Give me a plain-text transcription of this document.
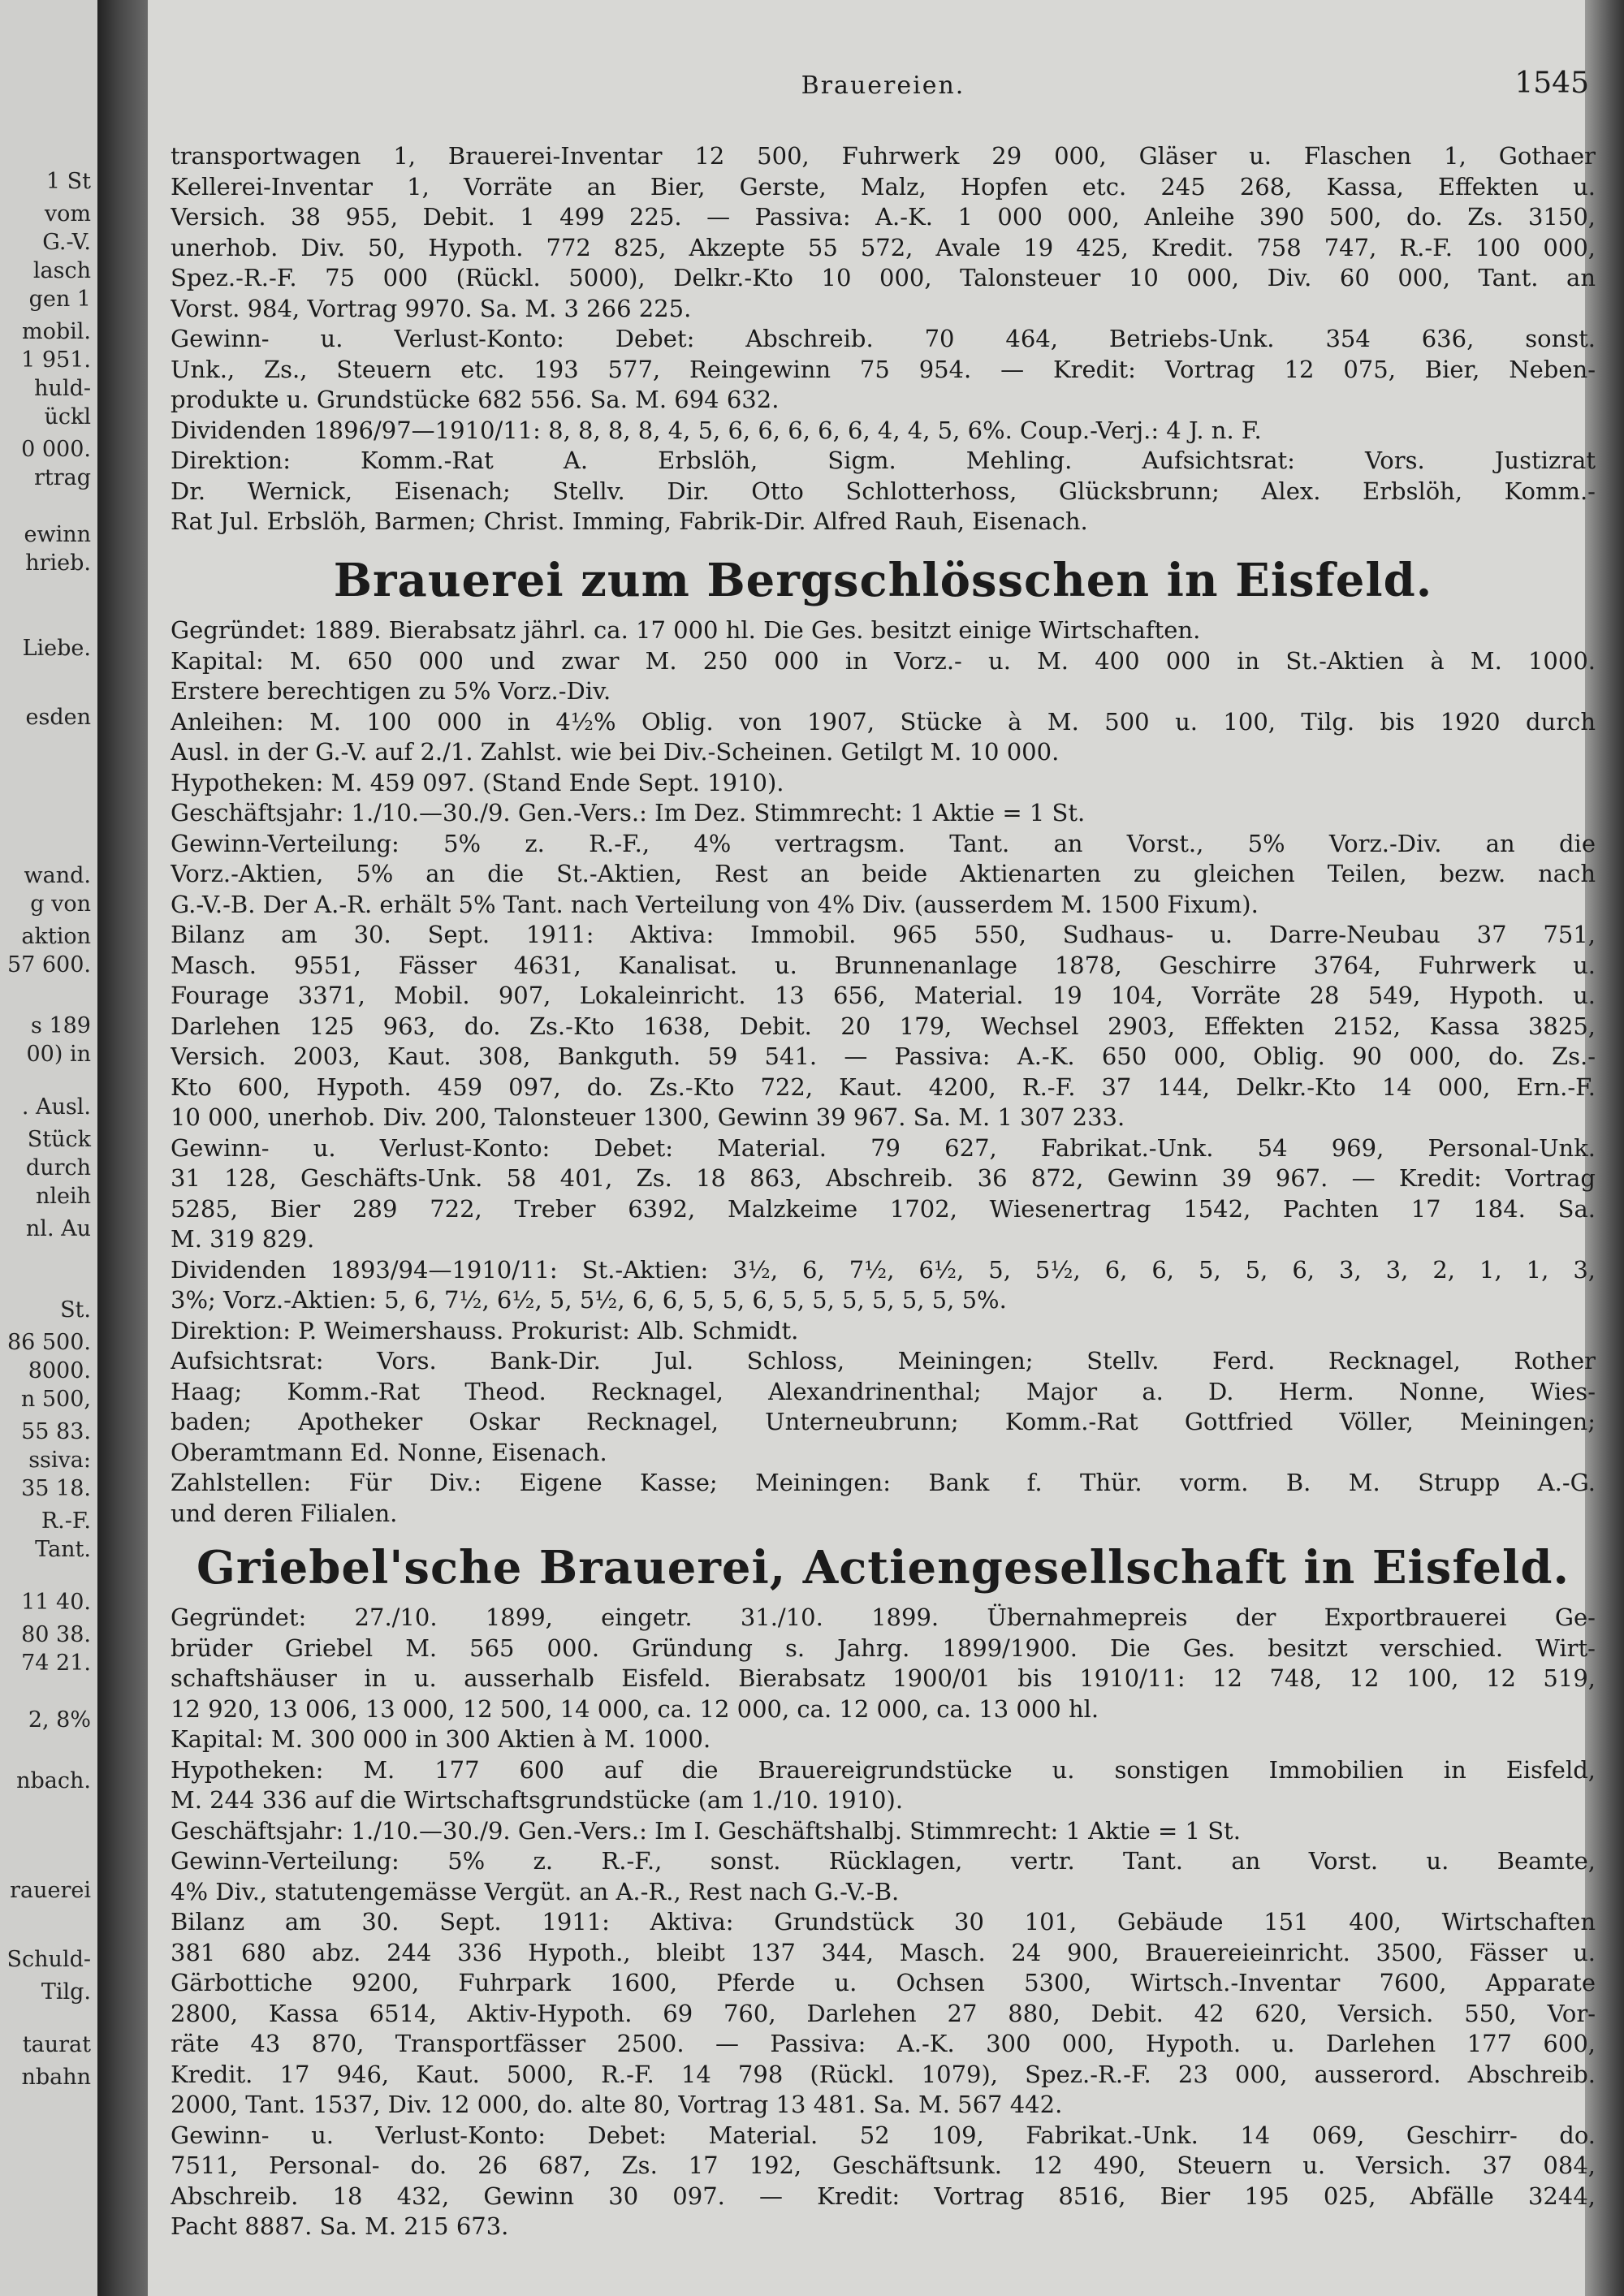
1 St
vom
G.-V.
lasch
gen 1
mobil.
1 951.
huld-
ückl
0 000.
rtrag
ewinn
hrieb.
Liebe.
esden
wand.
g von
aktion
57 600.
s 189
00) in
. Ausl.
Stück
durch
nleih
nl. Au
St.
86 500.
8000.
n 500,
55 83.
ssiva:
35 18.
R.-F.
Tant.
11 40.
80 38.
74 21.
2, 8%
nbach.
rauerei
Schuld-
Tilg.
taurat
nbahn
Brauereien.	1545
transportwagen 1, Brauerei-Inventar 12 500, Fuhrwerk 29 000, Gläser u. Flaschen 1, Gothaer
Kellerei-Inventar 1, Vorräte an Bier, Gerste, Malz, Hopfen etc. 245 268, Kassa, Effekten u.
Versich. 38 955, Debit. 1 499 225. — Passiva: A.-K. 1 000 000, Anleihe 390 500, do. Zs. 3150,
unerhob. Div. 50, Hypoth. 772 825, Akzepte 55 572, Avale 19 425, Kredit. 758 747, R.-F. 100 000,
Spez.-R.-F. 75 000 (Rückl. 5000), Delkr.-Kto 10 000, Talonsteuer 10 000, Div. 60 000, Tant. an
Vorst. 984, Vortrag 9970. Sa. M. 3 266 225.
Gewinn- u. Verlust-Konto: Debet: Abschreib. 70 464, Betriebs-Unk. 354 636, sonst.
Unk., Zs., Steuern etc. 193 577, Reingewinn 75 954. — Kredit: Vortrag 12 075, Bier, Neben-
produkte u. Grundstücke 682 556. Sa. M. 694 632.
Dividenden 1896/97—1910/11: 8, 8, 8, 8, 4, 5, 6, 6, 6, 6, 6, 4, 4, 5, 6%. Coup.-Verj.: 4 J. n. F.
Direktion: Komm.-Rat A. Erbslöh, Sigm. Mehling. Aufsichtsrat: Vors. Justizrat
Dr. Wernick, Eisenach; Stellv. Dir. Otto Schlotterhoss, Glücksbrunn; Alex. Erbslöh, Komm.-
Rat Jul. Erbslöh, Barmen; Christ. Imming, Fabrik-Dir. Alfred Rauh, Eisenach.
Brauerei zum Bergschlösschen in Eisfeld.
Gegründet: 1889. Bierabsatz jährl. ca. 17 000 hl. Die Ges. besitzt einige Wirtschaften.
Kapital: M. 650 000 und zwar M. 250 000 in Vorz.- u. M. 400 000 in St.-Aktien à M. 1000.
Erstere berechtigen zu 5% Vorz.-Div.
Anleihen: M. 100 000 in 4½% Oblig. von 1907, Stücke à M. 500 u. 100, Tilg. bis 1920 durch
Ausl. in der G.-V. auf 2./1. Zahlst. wie bei Div.-Scheinen. Getilgt M. 10 000.
Hypotheken: M. 459 097. (Stand Ende Sept. 1910).
Geschäftsjahr: 1./10.—30./9. Gen.-Vers.: Im Dez. Stimmrecht: 1 Aktie = 1 St.
Gewinn-Verteilung: 5% z. R.-F., 4% vertragsm. Tant. an Vorst., 5% Vorz.-Div. an die
Vorz.-Aktien, 5% an die St.-Aktien, Rest an beide Aktienarten zu gleichen Teilen, bezw. nach
G.-V.-B. Der A.-R. erhält 5% Tant. nach Verteilung von 4% Div. (ausserdem M. 1500 Fixum).
Bilanz am 30. Sept. 1911: Aktiva: Immobil. 965 550, Sudhaus- u. Darre-Neubau 37 751,
Masch. 9551, Fässer 4631, Kanalisat. u. Brunnenanlage 1878, Geschirre 3764, Fuhrwerk u.
Fourage 3371, Mobil. 907, Lokaleinricht. 13 656, Material. 19 104, Vorräte 28 549, Hypoth. u.
Darlehen 125 963, do. Zs.-Kto 1638, Debit. 20 179, Wechsel 2903, Effekten 2152, Kassa 3825,
Versich. 2003, Kaut. 308, Bankguth. 59 541. — Passiva: A.-K. 650 000, Oblig. 90 000, do. Zs.-
Kto 600, Hypoth. 459 097, do. Zs.-Kto 722, Kaut. 4200, R.-F. 37 144, Delkr.-Kto 14 000, Ern.-F.
10 000, unerhob. Div. 200, Talonsteuer 1300, Gewinn 39 967. Sa. M. 1 307 233.
Gewinn- u. Verlust-Konto: Debet: Material. 79 627, Fabrikat.-Unk. 54 969, Personal-Unk.
31 128, Geschäfts-Unk. 58 401, Zs. 18 863, Abschreib. 36 872, Gewinn 39 967. — Kredit: Vortrag
5285, Bier 289 722, Treber 6392, Malzkeime 1702, Wiesenertrag 1542, Pachten 17 184. Sa.
M. 319 829.
Dividenden 1893/94—1910/11: St.-Aktien: 3½, 6, 7½, 6½, 5, 5½, 6, 6, 5, 5, 6, 3, 3, 2, 1, 1, 3,
3%; Vorz.-Aktien: 5, 6, 7½, 6½, 5, 5½, 6, 6, 5, 5, 6, 5, 5, 5, 5, 5, 5, 5%.
Direktion: P. Weimershauss. Prokurist: Alb. Schmidt.
Aufsichtsrat: Vors. Bank-Dir. Jul. Schloss, Meiningen; Stellv. Ferd. Recknagel, Rother
Haag; Komm.-Rat Theod. Recknagel, Alexandrinenthal; Major a. D. Herm. Nonne, Wies-
baden; Apotheker Oskar Recknagel, Unterneubrunn; Komm.-Rat Gottfried Völler, Meiningen;
Oberamtmann Ed. Nonne, Eisenach.
Zahlstellen: Für Div.: Eigene Kasse; Meiningen: Bank f. Thür. vorm. B. M. Strupp A.-G.
und deren Filialen.
Griebel'sche Brauerei, Actiengesellschaft in Eisfeld.
Gegründet: 27./10. 1899, eingetr. 31./10. 1899. Übernahmepreis der Exportbrauerei Ge-
brüder Griebel M. 565 000. Gründung s. Jahrg. 1899/1900. Die Ges. besitzt verschied. Wirt-
schaftshäuser in u. ausserhalb Eisfeld. Bierabsatz 1900/01 bis 1910/11: 12 748, 12 100, 12 519,
12 920, 13 006, 13 000, 12 500, 14 000, ca. 12 000, ca. 12 000, ca. 13 000 hl.
Kapital: M. 300 000 in 300 Aktien à M. 1000.
Hypotheken: M. 177 600 auf die Brauereigrundstücke u. sonstigen Immobilien in Eisfeld,
M. 244 336 auf die Wirtschaftsgrundstücke (am 1./10. 1910).
Geschäftsjahr: 1./10.—30./9. Gen.-Vers.: Im I. Geschäftshalbj. Stimmrecht: 1 Aktie = 1 St.
Gewinn-Verteilung: 5% z. R.-F., sonst. Rücklagen, vertr. Tant. an Vorst. u. Beamte,
4% Div., statutengemässe Vergüt. an A.-R., Rest nach G.-V.-B.
Bilanz am 30. Sept. 1911: Aktiva: Grundstück 30 101, Gebäude 151 400, Wirtschaften
381 680 abz. 244 336 Hypoth., bleibt 137 344, Masch. 24 900, Brauereieinricht. 3500, Fässer u.
Gärbottiche 9200, Fuhrpark 1600, Pferde u. Ochsen 5300, Wirtsch.-Inventar 7600, Apparate
2800, Kassa 6514, Aktiv-Hypoth. 69 760, Darlehen 27 880, Debit. 42 620, Versich. 550, Vor-
räte 43 870, Transportfässer 2500. — Passiva: A.-K. 300 000, Hypoth. u. Darlehen 177 600,
Kredit. 17 946, Kaut. 5000, R.-F. 14 798 (Rückl. 1079), Spez.-R.-F. 23 000, ausserord. Abschreib.
2000, Tant. 1537, Div. 12 000, do. alte 80, Vortrag 13 481. Sa. M. 567 442.
Gewinn- u. Verlust-Konto: Debet: Material. 52 109, Fabrikat.-Unk. 14 069, Geschirr- do.
7511, Personal- do. 26 687, Zs. 17 192, Geschäftsunk. 12 490, Steuern u. Versich. 37 084,
Abschreib. 18 432, Gewinn 30 097. — Kredit: Vortrag 8516, Bier 195 025, Abfälle 3244,
Pacht 8887. Sa. M. 215 673.
